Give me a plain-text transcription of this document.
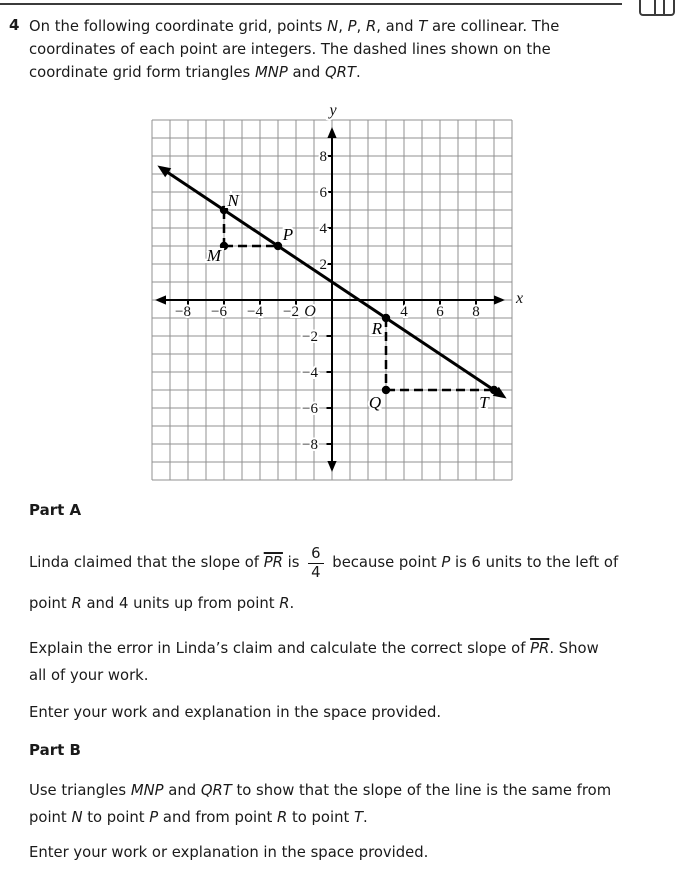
4 On the following coordinate grid, points N, P, R, and T are collinear. The
coordinates of each point are integers. The dashed lines shown on the
coordinate grid form triangles MNP and QRT.
−8 −6 −4 −2	4 6 8
8
6
4
2
−2
−4
−6
−8
O
x
y
N
M
P
R
Q	T
Part A
Linda claimed that the slope of $\overline{PR}$ is $\frac{6}{4}$ because point P is 6 units to the left of
point R and 4 units up from point R.
Explain the error in Linda’s claim and calculate the correct slope of $\overline{PR}$. Show
all of your work.
Enter your work and explanation in the space provided.
Part B
Use triangles MNP and QRT to show that the slope of the line is the same from
point N to point P and from point R to point T.
Enter your work or explanation in the space provided.
